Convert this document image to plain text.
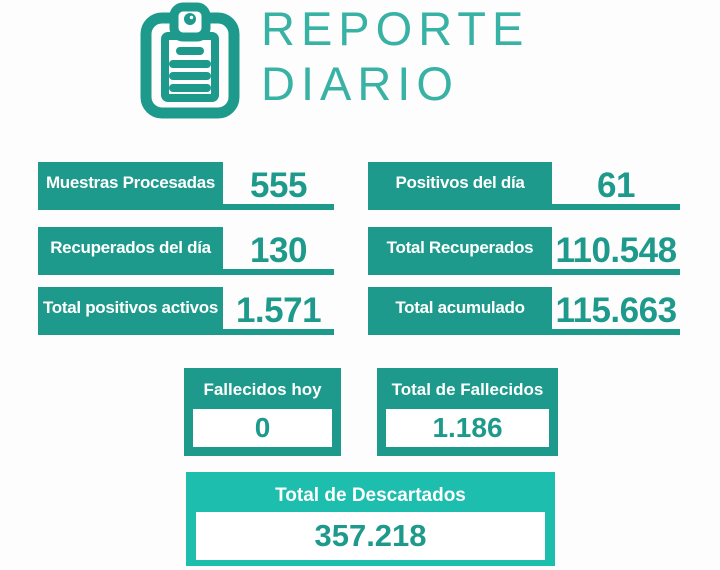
REPORTE
DIARIO
Muestras Procesadas 555	Positivos del día	61
Recuperados del día	130	Total Recuperados 110.548
Total positivos activos 1.571	Total acumulado 115.663
Fallecidos hoy
0
Total de Fallecidos
1.186
Total de Descartados
357.218
